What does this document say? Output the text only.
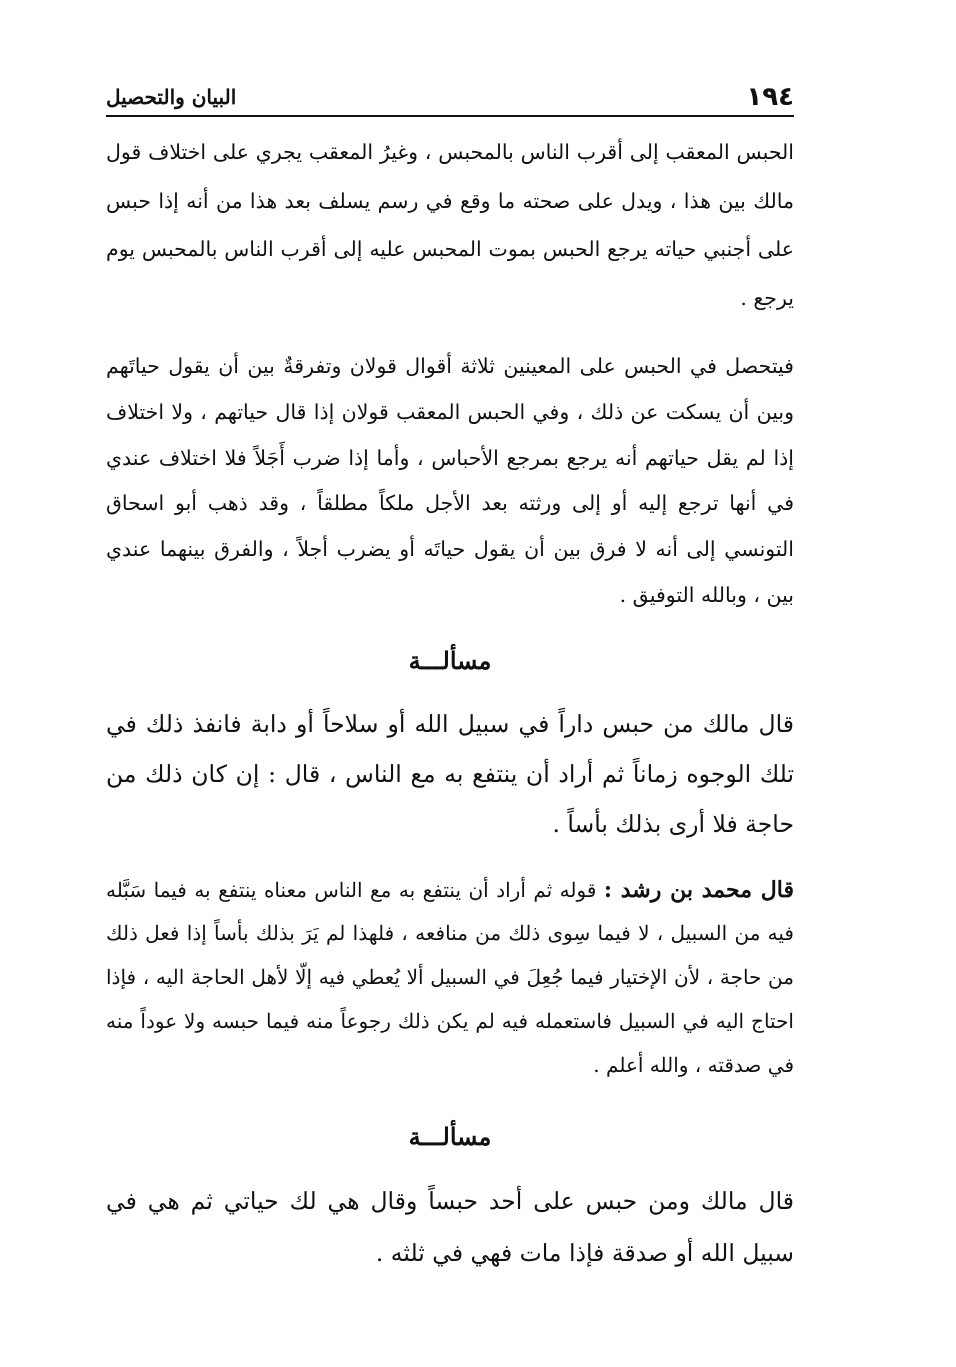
١٩٤
البيان والتحصيل

الحبس المعقب إلى أقرب الناس بالمحبس ، وغيرُ المعقب يجري على اختلاف قول مالك بين هذا ، ويدل على صحته ما وقع في رسم يسلف بعد هذا من أنه إذا حبس على أجنبي حياته يرجع الحبس بموت المحبس عليه إلى أقرب الناس بالمحبس يوم يرجع .

فيتحصل في الحبس على المعينين ثلاثة أقوال قولان وتفرقةٌ بين أن يقول حياتَهم وبين أن يسكت عن ذلك ، وفي الحبس المعقب قولان إذا قال حياتهم ، ولا اختلاف إذا لم يقل حياتهم أنه يرجع بمرجع الأحباس ، وأما إذا ضرب أَجَلاً فلا اختلاف عندي في أنها ترجع إليه أو إلى ورثته بعد الأجل ملكاً مطلقاً ، وقد ذهب أبو اسحاق التونسي إلى أنه لا فرق بين أن يقول حياتَه أو يضرب أجلاً ، والفرق بينهما عندي بين ، وبالله التوفيق .

مسألـــة

قال مالك من حبس داراً في سبيل الله أو سلاحاً أو دابة فانفذ ذلك في تلك الوجوه زماناً ثم أراد أن ينتفع به مع الناس ، قال : إن كان ذلك من حاجة فلا أرى بذلك بأساً .

قال محمد بن رشد : قوله ثم أراد أن ينتفع به مع الناس معناه ينتفع به فيما سَبَّله فيه من السبيل ، لا فيما سِوى ذلك من منافعه ، فلهذا لم يَرَ بذلك بأساً إذا فعل ذلك من حاجة ، لأن الإختيار فيما جُعِلَ في السبيل ألا يُعطي فيه إلّا لأهل الحاجة اليه ، فإذا احتاج اليه في السبيل فاستعمله فيه لم يكن ذلك رجوعاً منه فيما حبسه ولا عوداً منه في صدقته ، والله أعلم .

مسألـــة

قال مالك ومن حبس على أحد حبساً وقال هي لك حياتي ثم هي في سبيل الله أو صدقة فإذا مات فهي في ثلثه .
